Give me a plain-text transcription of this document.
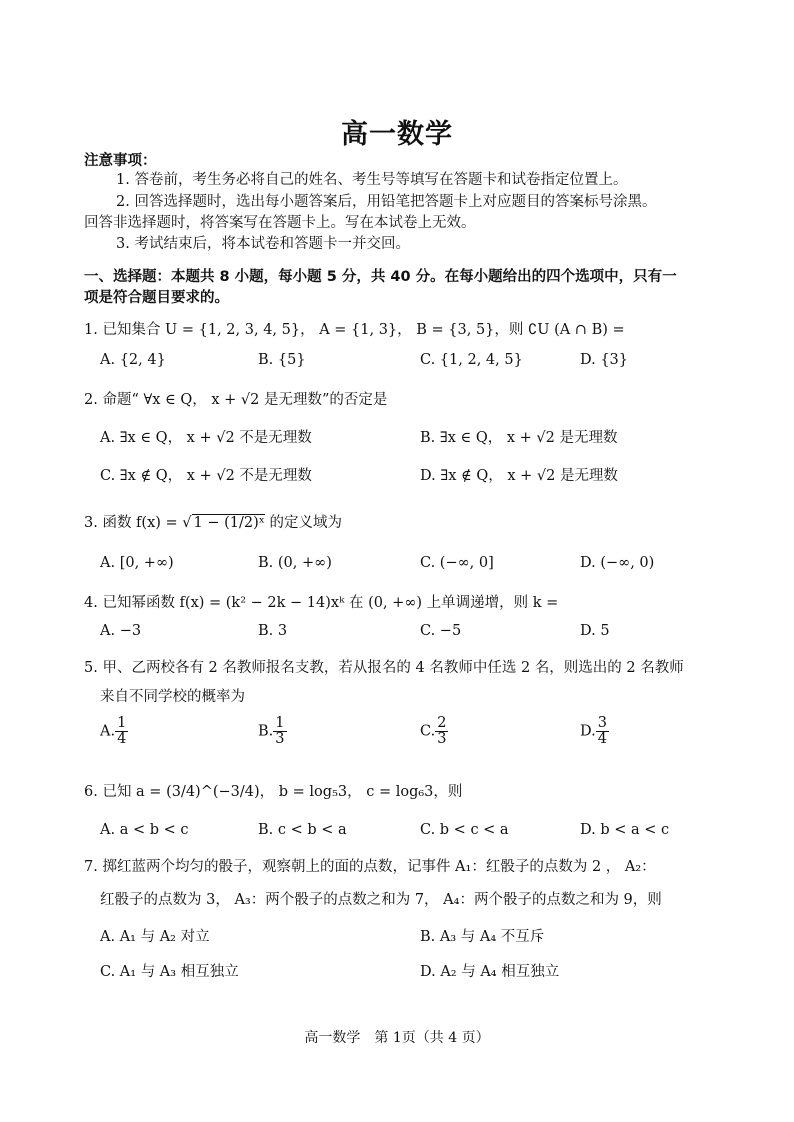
高一数学
注意事项：
1. 答卷前，考生务必将自己的姓名、考生号等填写在答题卡和试卷指定位置上。
2. 回答选择题时，选出每小题答案后，用铅笔把答题卡上对应题目的答案标号涂黑。
回答非选择题时，将答案写在答题卡上。写在本试卷上无效。
3. 考试结束后，将本试卷和答题卡一并交回。
一、选择题：本题共 8 小题，每小题 5 分，共 40 分。在每小题给出的四个选项中，只有一
项是符合题目要求的。
1. 已知集合 U = {1, 2, 3, 4, 5}， A = {1, 3}， B = {3, 5}，则 ∁U (A ∩ B) =
A. {2, 4}	B. {5}	C. {1, 2, 4, 5}	D. {3}
2. 命题“ ∀x ∈ Q， x + √2 是无理数”的否定是
A. ∃x ∈ Q， x + √2 不是无理数	B. ∃x ∈ Q， x + √2 是无理数
C. ∃x ∉ Q， x + √2 不是无理数	D. ∃x ∉ Q， x + √2 是无理数
3. 函数 f(x) = √ 1 − (1/2)ˣ 的定义域为
A. [0, +∞)	B. (0, +∞)	C. (−∞, 0]	D. (−∞, 0)
4. 已知幂函数 f(x) = (k² − 2k − 14)xᵏ 在 (0, +∞) 上单调递增，则 k =
A. −3	B. 3	C. −5	D. 5
5. 甲、乙两校各有 2 名教师报名支教，若从报名的 4 名教师中任选 2 名，则选出的 2 名教师
来自不同学校的概率为
A. $\frac{1}{4}$	B. $\frac{1}{3}$	C. $\frac{2}{3}$	D. $\frac{3}{4}$
6. 已知 a = (3/4)^(−3/4)， b = log₅3， c = log₆3，则
A. a < b < c	B. c < b < a	C. b < c < a	D. b < a < c
7. 掷红蓝两个均匀的骰子，观察朝上的面的点数，记事件 A₁：红骰子的点数为 2 ， A₂：
红骰子的点数为 3， A₃：两个骰子的点数之和为 7， A₄：两个骰子的点数之和为 9，则
A. A₁ 与 A₂ 对立	B. A₃ 与 A₄ 不互斥
C. A₁ 与 A₃ 相互独立	D. A₂ 与 A₄ 相互独立
高一数学　第 1页（共 4 页）
